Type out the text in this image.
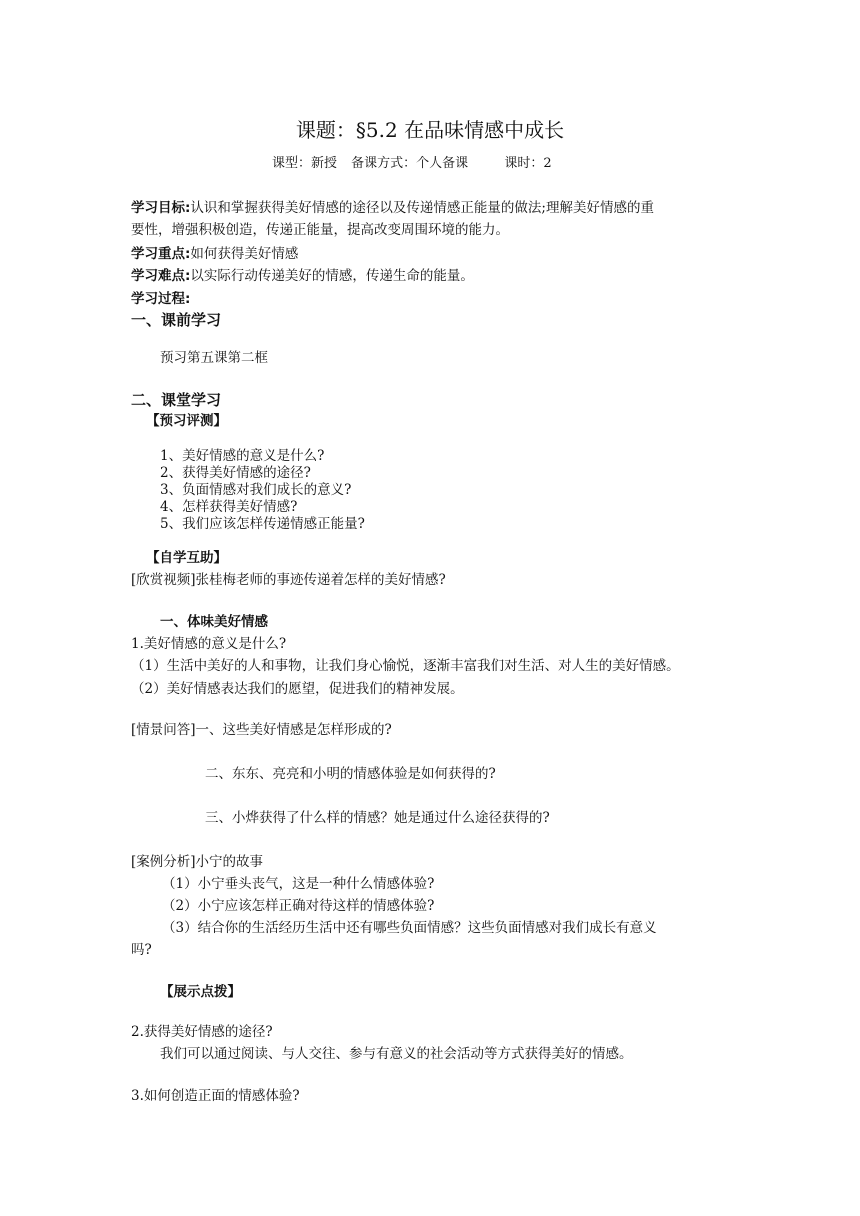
课题：§5.2 在品味情感中成长
课型：新授 备课方式：个人备课	课时：2
学习目标:认识和掌握获得美好情感的途径以及传递情感正能量的做法;理解美好情感的重
要性，增强积极创造，传递正能量，提高改变周围环境的能力。
学习重点:如何获得美好情感
学习难点:以实际行动传递美好的情感，传递生命的能量。
学习过程:
一、课前学习
预习第五课第二框
二、课堂学习
【预习评测】
1、美好情感的意义是什么?
2、获得美好情感的途径?
3、负面情感对我们成长的意义?
4、怎样获得美好情感?
5、我们应该怎样传递情感正能量?
【自学互助】
[欣赏视频]张桂梅老师的事迹传递着怎样的美好情感?
一、体味美好情感
1.美好情感的意义是什么?
（1）生活中美好的人和事物，让我们身心愉悦，逐渐丰富我们对生活、对人生的美好情感。
（2）美好情感表达我们的愿望，促进我们的精神发展。
[情景问答]一、这些美好情感是怎样形成的?
二、东东、亮亮和小明的情感体验是如何获得的?
三、小烨获得了什么样的情感？她是通过什么途径获得的?
[案例分析]小宁的故事
（1）小宁垂头丧气，这是一种什么情感体验?
（2）小宁应该怎样正确对待这样的情感体验?
（3）结合你的生活经历生活中还有哪些负面情感？这些负面情感对我们成长有意义
吗?
【展示点拨】
2.获得美好情感的途径?
我们可以通过阅读、与人交往、参与有意义的社会活动等方式获得美好的情感。
3.如何创造正面的情感体验?
